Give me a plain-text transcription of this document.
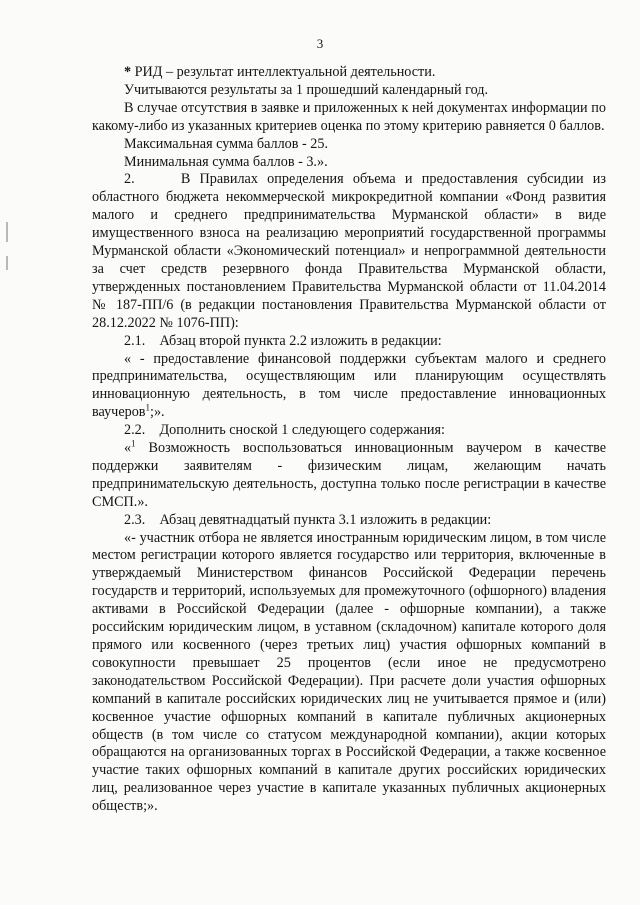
3

* РИД – результат интеллектуальной деятельности.

Учитываются результаты за 1 прошедший календарный год.

В случае отсутствия в заявке и приложенных к ней документах информации по какому-либо из указанных критериев оценка по этому критерию равняется 0 баллов.

Максимальная сумма баллов - 25.

Минимальная сумма баллов - 3.».

2.     В Правилах определения объема и предоставления субсидии из областного бюджета некоммерческой микрокредитной компании «Фонд развития малого и среднего предпринимательства Мурманской области» в виде имущественного взноса на реализацию мероприятий государственной программы Мурманской области «Экономический потенциал» и непрограммной деятельности за счет средств резервного фонда Правительства Мурманской области, утвержденных постановлением Правительства Мурманской области от 11.04.2014 № 187-ПП/6 (в редакции постановления Правительства Мурманской области от 28.12.2022 № 1076-ПП):

2.1.    Абзац второй пункта 2.2 изложить в редакции:

« - предоставление финансовой поддержки субъектам малого и среднего предпринимательства, осуществляющим или планирующим осуществлять инновационную деятельность, в том числе предоставление инновационных ваучеров$^1$;».

2.2.    Дополнить сноской 1 следующего содержания:

«$^1$ Возможность воспользоваться инновационным ваучером в качестве поддержки заявителям - физическим лицам, желающим начать предпринимательскую деятельность, доступна только после регистрации в качестве СМСП.».

2.3.    Абзац девятнадцатый пункта 3.1 изложить в редакции:

«- участник отбора не является иностранным юридическим лицом, в том числе местом регистрации которого является государство или территория, включенные в утверждаемый Министерством финансов Российской Федерации перечень государств и территорий, используемых для промежуточного (офшорного) владения активами в Российской Федерации (далее - офшорные компании), а также российским юридическим лицом, в уставном (складочном) капитале которого доля прямого или косвенного (через третьих лиц) участия офшорных компаний в совокупности превышает 25 процентов (если иное не предусмотрено законодательством Российской Федерации). При расчете доли участия офшорных компаний в капитале российских юридических лиц не учитывается прямое и (или) косвенное участие офшорных компаний в капитале публичных акционерных обществ (в том числе со статусом международной компании), акции которых обращаются на организованных торгах в Российской Федерации, а также косвенное участие таких офшорных компаний в капитале других российских юридических лиц, реализованное через участие в капитале указанных публичных акционерных обществ;».
